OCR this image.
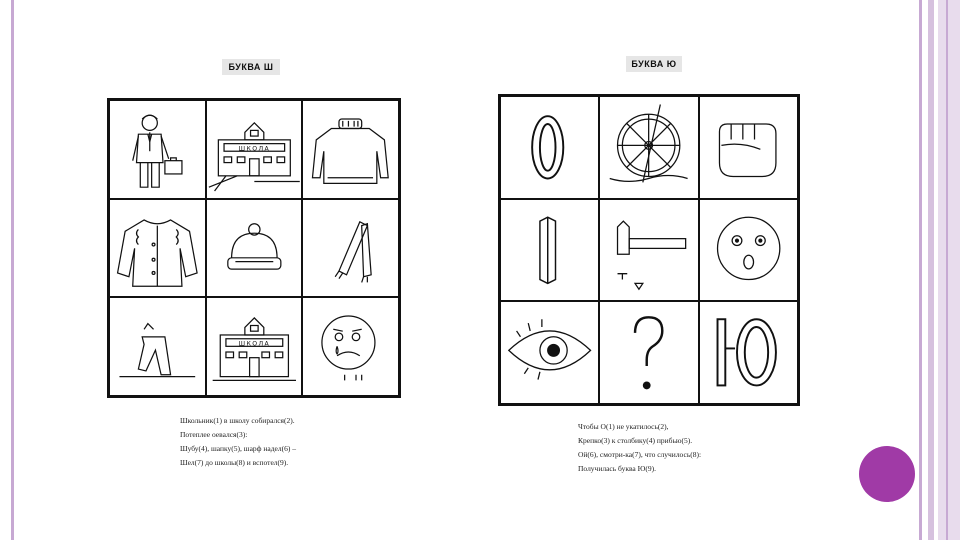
БУКВА Ш
ШКОЛА
ШКОЛА
Школьник(1) в школу собирался(2).
Потеплее оевался(3):
Шубу(4), шапку(5), шарф надел(6) –
Шел(7) до школы(8) и вспотел(9).
БУКВА Ю
Чтобы О(1) не укатилось(2),
Крепко(3) к столбику(4) прибью(5).
Ой(6), смотри-ка(7), что случилось(8):
Получилась буква Ю(9).
